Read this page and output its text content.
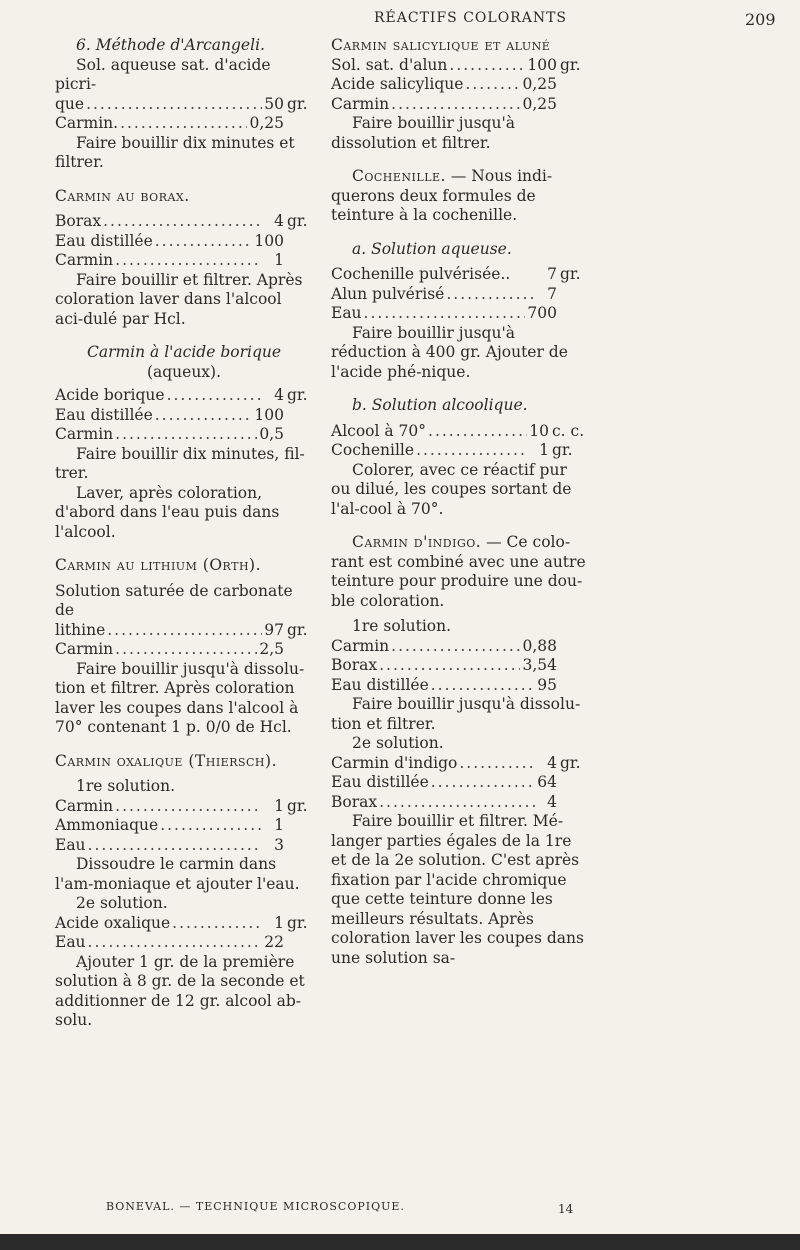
RÉACTIFS COLORANTS	209

6. Méthode d'Arcangeli.

Sol. aqueuse sat. d'acide picri-

que .....	50 gr.
Carmin. .....	0,25

Faire bouillir dix minutes et filtrer.

Carmin au borax.

Borax .....	4 gr.
Eau distillée .....	100
Carmin .....	1

Faire bouillir et filtrer. Après coloration laver dans l'alcool aci-dulé par Hcl.

Carmin à l'acide borique

(aqueux).

Acide borique .....	4 gr.
Eau distillée .....	100
Carmin .....	0,5

Faire bouillir dix minutes, fil-trer.

Laver, après coloration, d'abord dans l'eau puis dans l'alcool.

Carmin au lithium (Orth).

Solution saturée de carbonate de

lithine .....	97 gr.
Carmin .....	2,5

Faire bouillir jusqu'à dissolu-tion et filtrer. Après coloration laver les coupes dans l'alcool à 70° contenant 1 p. 0/0 de Hcl.

Carmin oxalique (Thiersch).

1re solution.

Carmin .....	1 gr.
Ammoniaque .....	1
Eau .....	3

Dissoudre le carmin dans l'am-moniaque et ajouter l'eau.

2e solution.

Acide oxalique .....	1 gr.
Eau .....	22

Ajouter 1 gr. de la première solution à 8 gr. de la seconde et additionner de 12 gr. alcool ab-solu.

Carmin salicylique et aluné

Sol. sat. d'alun .....	100 gr.
Acide salicylique .....	0,25
Carmin .....	0,25

Faire bouillir jusqu'à dissolution et filtrer.

Cochenille. — Nous indi-querons deux formules de teinture à la cochenille.

a. Solution aqueuse.

Cochenille pulvérisée..	7 gr.
Alun pulvérisé .....	7
Eau .....	700

Faire bouillir jusqu'à réduction à 400 gr. Ajouter de l'acide phé-nique.

b. Solution alcoolique.

Alcool à 70° .....	10 c. c.
Cochenille .....	1 gr.

Colorer, avec ce réactif pur ou dilué, les coupes sortant de l'al-cool à 70°.

Carmin d'indigo. — Ce colo-rant est combiné avec une autre teinture pour produire une dou-ble coloration.

1re solution.

Carmin .....	0,88
Borax .....	3,54
Eau distillée .....	95

Faire bouillir jusqu'à dissolu-tion et filtrer.

2e solution.

Carmin d'indigo .....	4 gr.
Eau distillée .....	64
Borax .....	4

Faire bouillir et filtrer. Mé-langer parties égales de la 1re et de la 2e solution. C'est après fixation par l'acide chromique que cette teinture donne les meilleurs résultats. Après coloration laver les coupes dans une solution sa-

BONEVAL. — TECHNIQUE MICROSCOPIQUE.	14
